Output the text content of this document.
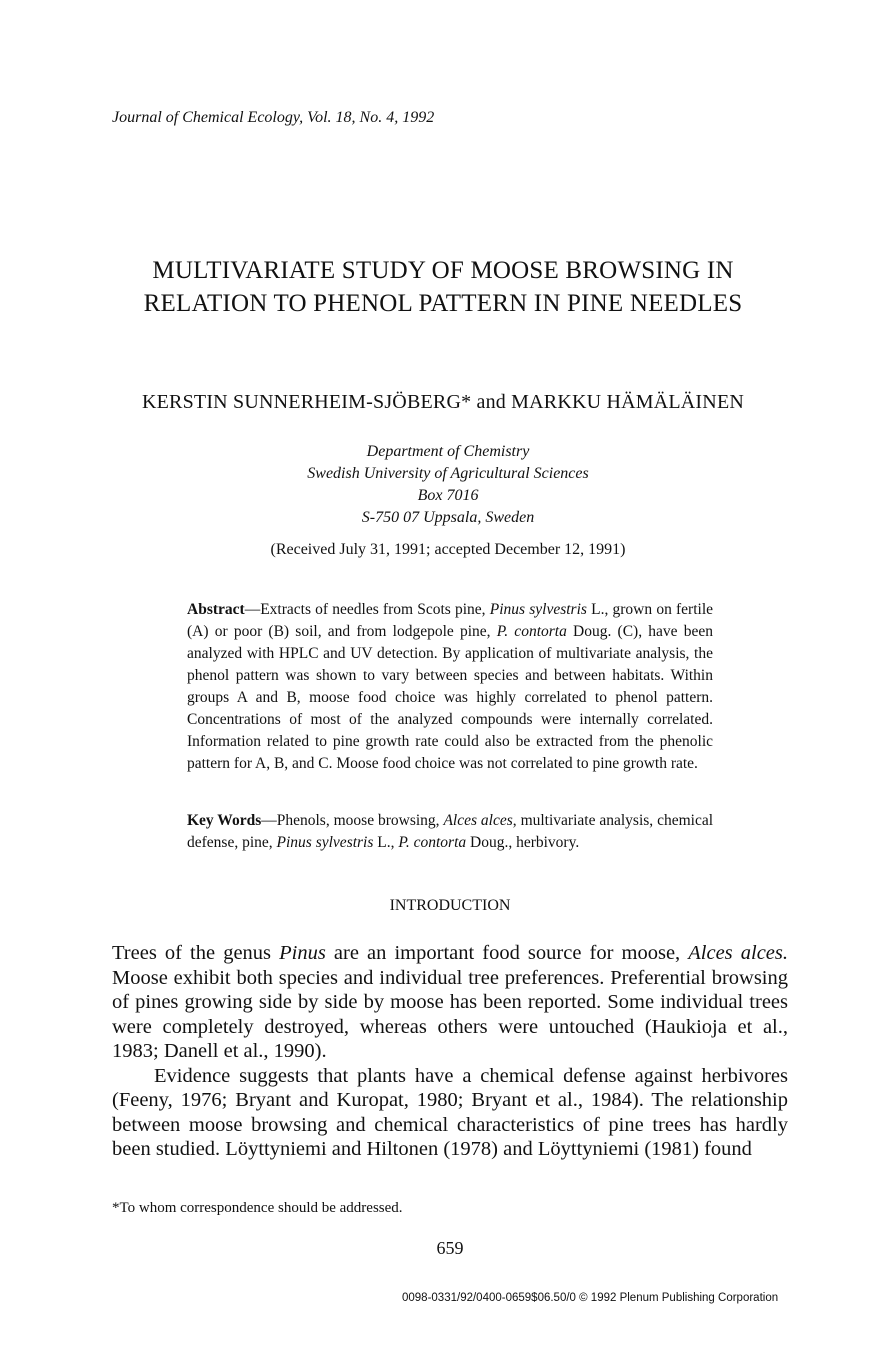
Journal of Chemical Ecology, Vol. 18, No. 4, 1992
MULTIVARIATE STUDY OF MOOSE BROWSING IN
RELATION TO PHENOL PATTERN IN PINE NEEDLES
KERSTIN SUNNERHEIM-SJÖBERG* and MARKKU HÄMÄLÄINEN
Department of Chemistry
Swedish University of Agricultural Sciences
Box 7016
S-750 07 Uppsala, Sweden
(Received July 31, 1991; accepted December 12, 1991)
Abstract—Extracts of needles from Scots pine, Pinus sylvestris L., grown on fertile (A) or poor (B) soil, and from lodgepole pine, P. contorta Doug. (C), have been analyzed with HPLC and UV detection. By application of multivariate analysis, the phenol pattern was shown to vary between species and between habitats. Within groups A and B, moose food choice was highly correlated to phenol pattern. Concentrations of most of the analyzed compounds were internally correlated. Information related to pine growth rate could also be extracted from the phenolic pattern for A, B, and C. Moose food choice was not correlated to pine growth rate.
Key Words—Phenols, moose browsing, Alces alces, multivariate analysis, chemical defense, pine, Pinus sylvestris L., P. contorta Doug., herbivory.
INTRODUCTION

Trees of the genus Pinus are an important food source for moose, Alces alces. Moose exhibit both species and individual tree preferences. Preferential browsing of pines growing side by side by moose has been reported. Some individual trees were completely destroyed, whereas others were untouched (Haukioja et al., 1983; Danell et al., 1990).

Evidence suggests that plants have a chemical defense against herbivores (Feeny, 1976; Bryant and Kuropat, 1980; Bryant et al., 1984). The relationship between moose browsing and chemical characteristics of pine trees has hardly been studied. Löyttyniemi and Hiltonen (1978) and Löyttyniemi (1981) found

*To whom correspondence should be addressed.
659
0098-0331/92/0400-0659$06.50/0 © 1992 Plenum Publishing Corporation
